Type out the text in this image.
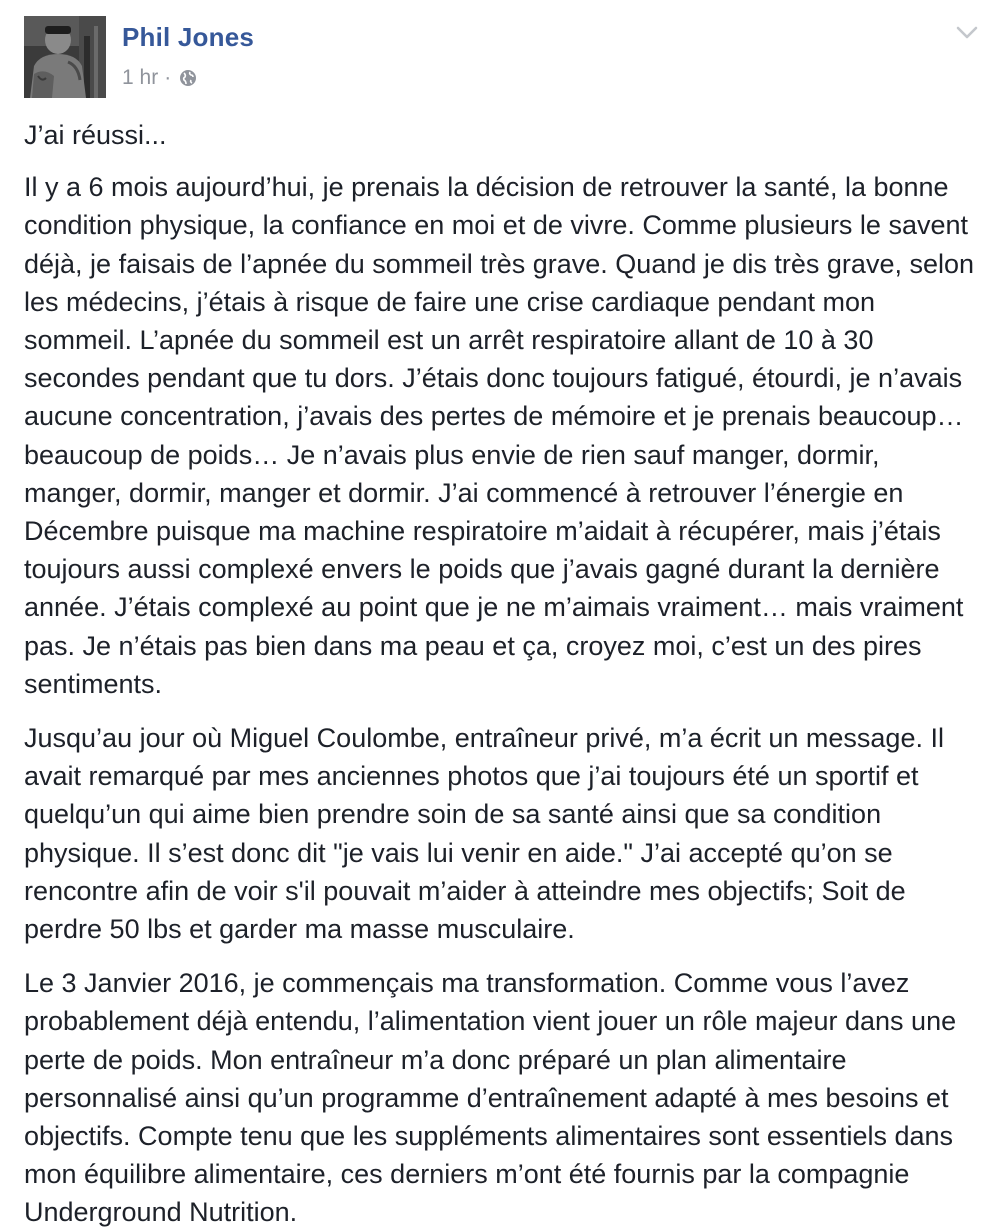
Phil Jones
1 hr ·

J’ai réussi...

Il y a 6 mois aujourd’hui, je prenais la décision de retrouver la santé, la bonne condition physique, la confiance en moi et de vivre. Comme plusieurs le savent déjà, je faisais de l’apnée du sommeil très grave. Quand je dis très grave, selon les médecins, j’étais à risque de faire une crise cardiaque pendant mon sommeil. L’apnée du sommeil est un arrêt respiratoire allant de 10 à 30 secondes pendant que tu dors. J’étais donc toujours fatigué, étourdi, je n’avais aucune concentration, j’avais des pertes de mémoire et je prenais beaucoup… beaucoup de poids… Je n’avais plus envie de rien sauf manger, dormir, manger, dormir, manger et dormir. J’ai commencé à retrouver l’énergie en Décembre puisque ma machine respiratoire m’aidait à récupérer, mais j’étais toujours aussi complexé envers le poids que j’avais gagné durant la dernière année. J’étais complexé au point que je ne m’aimais vraiment… mais vraiment pas. Je n’étais pas bien dans ma peau et ça, croyez moi, c’est un des pires sentiments.

Jusqu’au jour où Miguel Coulombe, entraîneur privé, m’a écrit un message. Il avait remarqué par mes anciennes photos que j’ai toujours été un sportif et quelqu’un qui aime bien prendre soin de sa santé ainsi que sa condition physique. Il s’est donc dit "je vais lui venir en aide." J’ai accepté qu’on se rencontre afin de voir s'il pouvait m’aider à atteindre mes objectifs; Soit de perdre 50 lbs et garder ma masse musculaire.

Le 3 Janvier 2016, je commençais ma transformation. Comme vous l’avez probablement déjà entendu, l’alimentation vient jouer un rôle majeur dans une perte de poids. Mon entraîneur m’a donc préparé un plan alimentaire personnalisé ainsi qu’un programme d’entraînement adapté à mes besoins et objectifs. Compte tenu que les suppléments alimentaires sont essentiels dans mon équilibre alimentaire, ces derniers m’ont été fournis par la compagnie Underground Nutrition.
